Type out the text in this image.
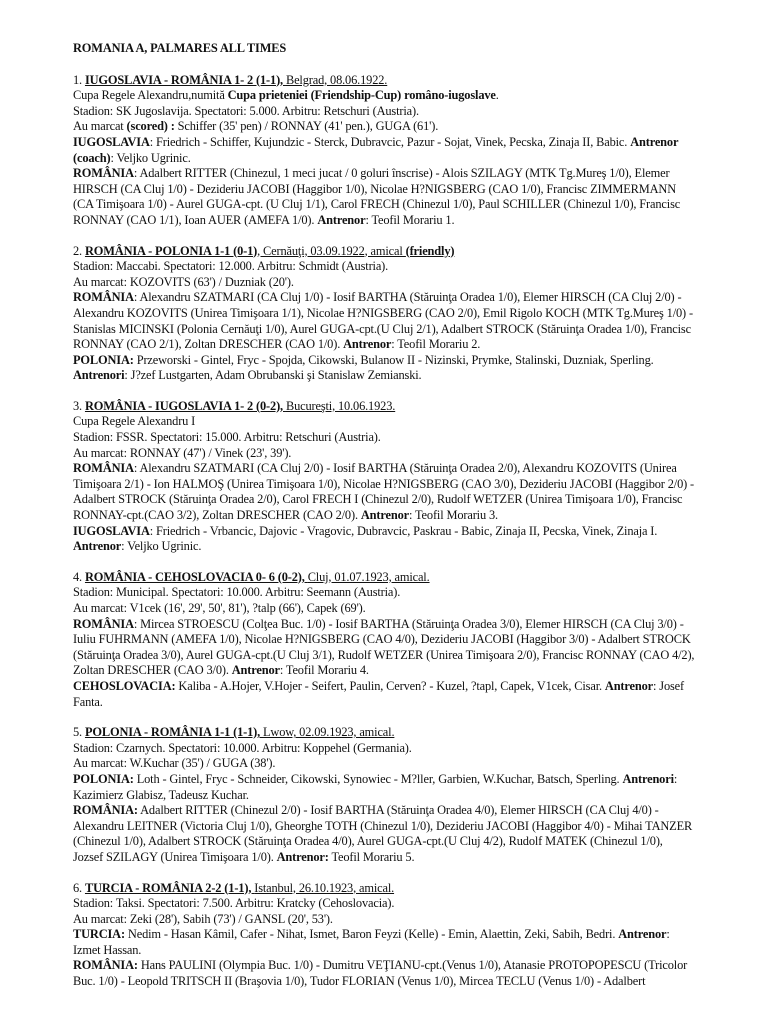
ROMANIA A, PALMARES ALL TIMES
1. IUGOSLAVIA - ROMÂNIA 1- 2 (1-1), Belgrad, 08.06.1922.
Cupa Regele Alexandru,numită Cupa prieteniei (Friendship-Cup) româno-iugoslave.
Stadion: SK Jugoslavija. Spectatori: 5.000. Arbitru: Retschuri (Austria).
Au marcat (scored) : Schiffer (35' pen) / RONNAY (41' pen.), GUGA (61').
IUGOSLAVIA: Friedrich - Schiffer, Kujundzic - Sterck, Dubravcic, Pazur - Sojat, Vinek, Pecska, Zinaja II, Babic. Antrenor
(coach): Veljko Ugrinic.
ROMÂNIA: Adalbert RITTER (Chinezul, 1 meci jucat / 0 goluri înscrise) - Alois SZILAGY (MTK Tg.Mureş 1/0), Elemer
HIRSCH (CA Cluj 1/0) - Dezideriu JACOBI (Haggibor 1/0), Nicolae H?NIGSBERG (CAO 1/0), Francisc ZIMMERMANN
(CA Timişoara 1/0) - Aurel GUGA-cpt. (U Cluj 1/1), Carol FRECH (Chinezul 1/0), Paul SCHILLER (Chinezul 1/0), Francisc
RONNAY (CAO 1/1), Ioan AUER (AMEFA 1/0). Antrenor: Teofil Morariu 1.
2. ROMÂNIA - POLONIA 1-1 (0-1), Cernăuţi, 03.09.1922, amical (friendly)
Stadion: Maccabi. Spectatori: 12.000. Arbitru: Schmidt (Austria).
Au marcat: KOZOVITS (63') / Duzniak (20').
ROMÂNIA: Alexandru SZATMARI (CA Cluj 1/0) - Iosif BARTHA (Stăruinţa Oradea 1/0), Elemer HIRSCH (CA Cluj 2/0) -
Alexandru KOZOVITS (Unirea Timişoara 1/1), Nicolae H?NIGSBERG (CAO 2/0), Emil Rigolo KOCH (MTK Tg.Mureş 1/0) -
Stanislas MICINSKI (Polonia Cernăuţi 1/0), Aurel GUGA-cpt.(U Cluj 2/1), Adalbert STROCK (Stăruinţa Oradea 1/0), Francisc
RONNAY (CAO 2/1), Zoltan DRESCHER (CAO 1/0). Antrenor: Teofil Morariu 2.
POLONIA: Przeworski - Gintel, Fryc - Spojda, Cikowski, Bulanow II - Nizinski, Prymke, Stalinski, Duzniak, Sperling.
Antrenori: J?zef Lustgarten, Adam Obrubanski şi Stanislaw Zemianski.
3. ROMÂNIA - IUGOSLAVIA 1- 2 (0-2), Bucureşti, 10.06.1923.
Cupa Regele Alexandru I
Stadion: FSSR. Spectatori: 15.000. Arbitru: Retschuri (Austria).
Au marcat: RONNAY (47') / Vinek (23', 39').
ROMÂNIA: Alexandru SZATMARI (CA Cluj 2/0) - Iosif BARTHA (Stăruinţa Oradea 2/0), Alexandru KOZOVITS (Unirea
Timişoara 2/1) - Ion HALMOŞ (Unirea Timişoara 1/0), Nicolae H?NIGSBERG (CAO 3/0), Dezideriu JACOBI (Haggibor 2/0) -
Adalbert STROCK (Stăruinţa Oradea 2/0), Carol FRECH I (Chinezul 2/0), Rudolf WETZER (Unirea Timişoara 1/0), Francisc
RONNAY-cpt.(CAO 3/2), Zoltan DRESCHER (CAO 2/0). Antrenor: Teofil Morariu 3.
IUGOSLAVIA: Friedrich - Vrbancic, Dajovic - Vragovic, Dubravcic, Paskrau - Babic, Zinaja II, Pecska, Vinek, Zinaja I.
Antrenor: Veljko Ugrinic.
4. ROMÂNIA - CEHOSLOVACIA 0- 6 (0-2), Cluj, 01.07.1923, amical.
Stadion: Municipal. Spectatori: 10.000. Arbitru: Seemann (Austria).
Au marcat: V1cek (16', 29', 50', 81'), ?talp (66'), Capek (69').
ROMÂNIA: Mircea STROESCU (Colţea Buc. 1/0) - Iosif BARTHA (Stăruinţa Oradea 3/0), Elemer HIRSCH (CA Cluj 3/0) -
Iuliu FUHRMANN (AMEFA 1/0), Nicolae H?NIGSBERG (CAO 4/0), Dezideriu JACOBI (Haggibor 3/0) - Adalbert STROCK
(Stăruinţa Oradea 3/0), Aurel GUGA-cpt.(U Cluj 3/1), Rudolf WETZER (Unirea Timişoara 2/0), Francisc RONNAY (CAO 4/2),
Zoltan DRESCHER (CAO 3/0). Antrenor: Teofil Morariu 4.
CEHOSLOVACIA: Kaliba - A.Hojer, V.Hojer - Seifert, Paulin, Cerven? - Kuzel, ?tapl, Capek, V1cek, Cisar. Antrenor: Josef
Fanta.
5. POLONIA - ROMÂNIA 1-1 (1-1), Lwow, 02.09.1923, amical.
Stadion: Czarnych. Spectatori: 10.000. Arbitru: Koppehel (Germania).
Au marcat: W.Kuchar (35') / GUGA (38').
POLONIA: Loth - Gintel, Fryc - Schneider, Cikowski, Synowiec - M?ller, Garbien, W.Kuchar, Batsch, Sperling. Antrenori:
Kazimierz Glabisz, Tadeusz Kuchar.
ROMÂNIA: Adalbert RITTER (Chinezul 2/0) - Iosif BARTHA (Stăruinţa Oradea 4/0), Elemer HIRSCH (CA Cluj 4/0) -
Alexandru LEITNER (Victoria Cluj 1/0), Gheorghe TOTH (Chinezul 1/0), Dezideriu JACOBI (Haggibor 4/0) - Mihai TANZER
(Chinezul 1/0), Adalbert STROCK (Stăruinţa Oradea 4/0), Aurel GUGA-cpt.(U Cluj 4/2), Rudolf MATEK (Chinezul 1/0),
Jozsef SZILAGY (Unirea Timişoara 1/0). Antrenor: Teofil Morariu 5.
6. TURCIA - ROMÂNIA 2-2 (1-1), Istanbul, 26.10.1923, amical.
Stadion: Taksi. Spectatori: 7.500. Arbitru: Kratcky (Cehoslovacia).
Au marcat: Zeki (28'), Sabih (73') / GANSL (20', 53').
TURCIA: Nedim - Hasan Kâmil, Cafer - Nihat, Ismet, Baron Feyzi (Kelle) - Emin, Alaettin, Zeki, Sabih, Bedri. Antrenor:
Izmet Hassan.
ROMÂNIA: Hans PAULINI (Olympia Buc. 1/0) - Dumitru VEŢIANU-cpt.(Venus 1/0), Atanasie PROTOPOPESCU (Tricolor
Buc. 1/0) - Leopold TRITSCH II (Braşovia 1/0), Tudor FLORIAN (Venus 1/0), Mircea TECLU (Venus 1/0) - Adalbert
